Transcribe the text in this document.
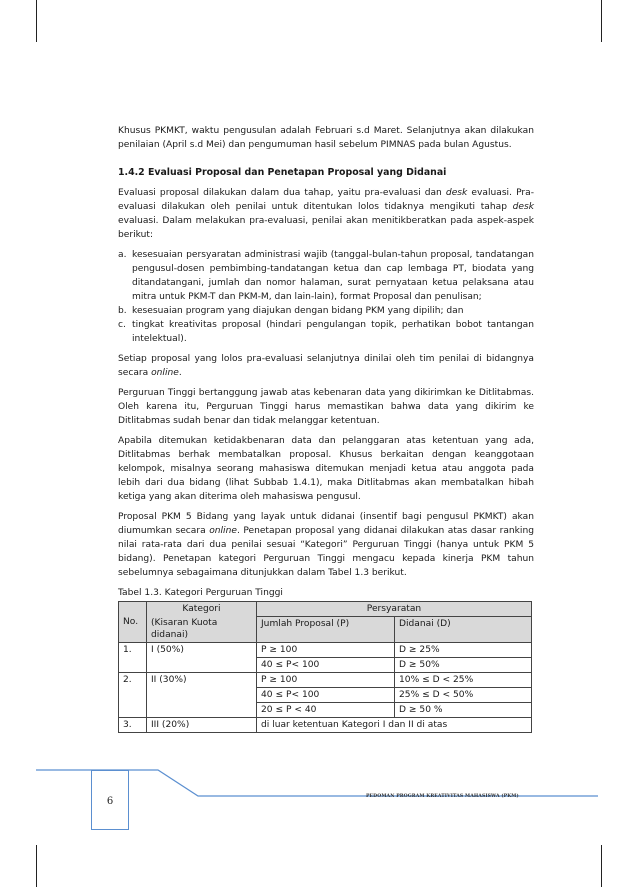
Khusus PKMKT, waktu pengusulan adalah Februari s.d Maret. Selanjutnya akan dilakukan penilaian (April s.d Mei) dan pengumuman hasil sebelum PIMNAS pada bulan Agustus.

1.4.2 Evaluasi Proposal dan Penetapan Proposal yang Didanai

Evaluasi proposal dilakukan dalam dua tahap, yaitu pra-evaluasi dan desk evaluasi. Pra-evaluasi dilakukan oleh penilai untuk ditentukan lolos tidaknya mengikuti tahap desk evaluasi. Dalam melakukan pra-evaluasi, penilai akan menitikberatkan pada aspek-aspek berikut:

a. kesesuaian persyaratan administrasi wajib (tanggal-bulan-tahun proposal, tandatangan pengusul-dosen pembimbing-tandatangan ketua dan cap lembaga PT, biodata yang ditandatangani, jumlah dan nomor halaman, surat pernyataan ketua pelaksana atau mitra untuk PKM-T dan PKM-M, dan lain-lain), format Proposal dan penulisan;
b. kesesuaian program yang diajukan dengan bidang PKM yang dipilih; dan
c. tingkat kreativitas proposal (hindari pengulangan topik, perhatikan bobot tantangan intelektual).

Setiap proposal yang lolos pra-evaluasi selanjutnya dinilai oleh tim penilai di bidangnya secara online.

Perguruan Tinggi bertanggung jawab atas kebenaran data yang dikirimkan ke Ditlitabmas. Oleh karena itu, Perguruan Tinggi harus memastikan bahwa data yang dikirim ke Ditlitabmas sudah benar dan tidak melanggar ketentuan.

Apabila ditemukan ketidakbenaran data dan pelanggaran atas ketentuan yang ada, Ditlitabmas berhak membatalkan proposal. Khusus berkaitan dengan keanggotaan kelompok, misalnya seorang mahasiswa ditemukan menjadi ketua atau anggota pada lebih dari dua bidang (lihat Subbab 1.4.1), maka Ditlitabmas akan membatalkan hibah ketiga yang akan diterima oleh mahasiswa pengusul.

Proposal PKM 5 Bidang yang layak untuk didanai (insentif bagi pengusul PKMKT) akan diumumkan secara online. Penetapan proposal yang didanai dilakukan atas dasar ranking nilai rata-rata dari dua penilai sesuai “Kategori” Perguruan Tinggi (hanya untuk PKM 5 bidang). Penetapan kategori Perguruan Tinggi mengacu kepada kinerja PKM tahun sebelumnya sebagaimana ditunjukkan dalam Tabel 1.3 berikut.

Tabel 1.3. Kategori Perguruan Tinggi
No.	Kategori	Persyaratan	
	(Kisaran Kuota didanai)	Jumlah Proposal (P)	Didanai (D)
1.	I (50%)	P ≥ 100	D ≥ 25%
		40 ≤ P< 100	D ≥ 50%
2.	II (30%)	P ≥ 100	10% ≤ D < 25%
		40 ≤ P< 100	25% ≤ D < 50%
		20 ≤ P < 40	D ≥ 50 %
3.	III (20%)	di luar ketentuan Kategori I dan II di atas	
6	PEDOMAN PROGRAM KREATIVITAS MAHASISWA (PKM)
